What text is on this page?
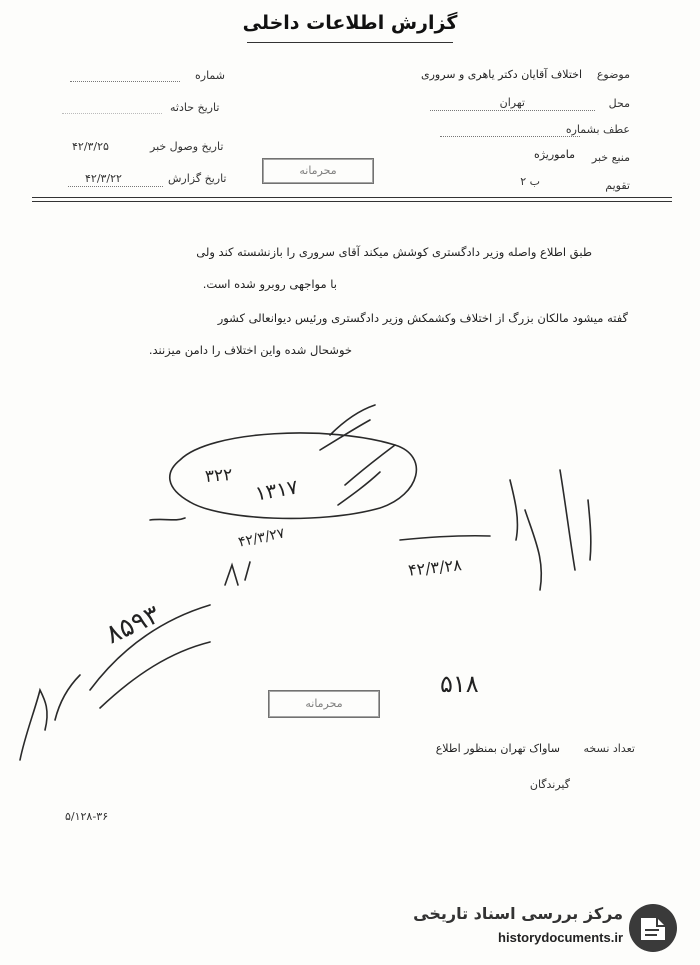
گزارش اطلاعات داخلی
موضوع
اختلاف آقایان دکتر یاهری و سروری
محل
تهران
عطف بشماره
منبع خبر
ماموریژه
تقویم
ب ۲
شماره
تاریخ حادثه
تاریخ وصول خبر
۴۲/۳/۲۵
تاریخ گزارش
۴۲/۳/۲۲
محرمانه
طبق اطلاع واصله وزیر دادگستری کوشش میکند آقای سروری را بازنشسته کند ولی
با مواجهی روبرو شده است.
گفته میشود مالکان بزرگ از اختلاف وکشمکش وزیر دادگستری ورئیس دیوانعالی کشور
خوشحال شده واین اختلاف را دامن میزنند.
۳۲۲ ۱۳۱۷
۴۲/۳/۲۷
۴۲/۳/۲۸
۸۵۹۳
۵۱۸
محرمانه
تعداد نسخه
ساواک تهران بمنظور اطلاع
گیرندگان
۵/۱۲۸-۳۶
مرکز بررسی اسناد تاریخی
historydocuments.ir
